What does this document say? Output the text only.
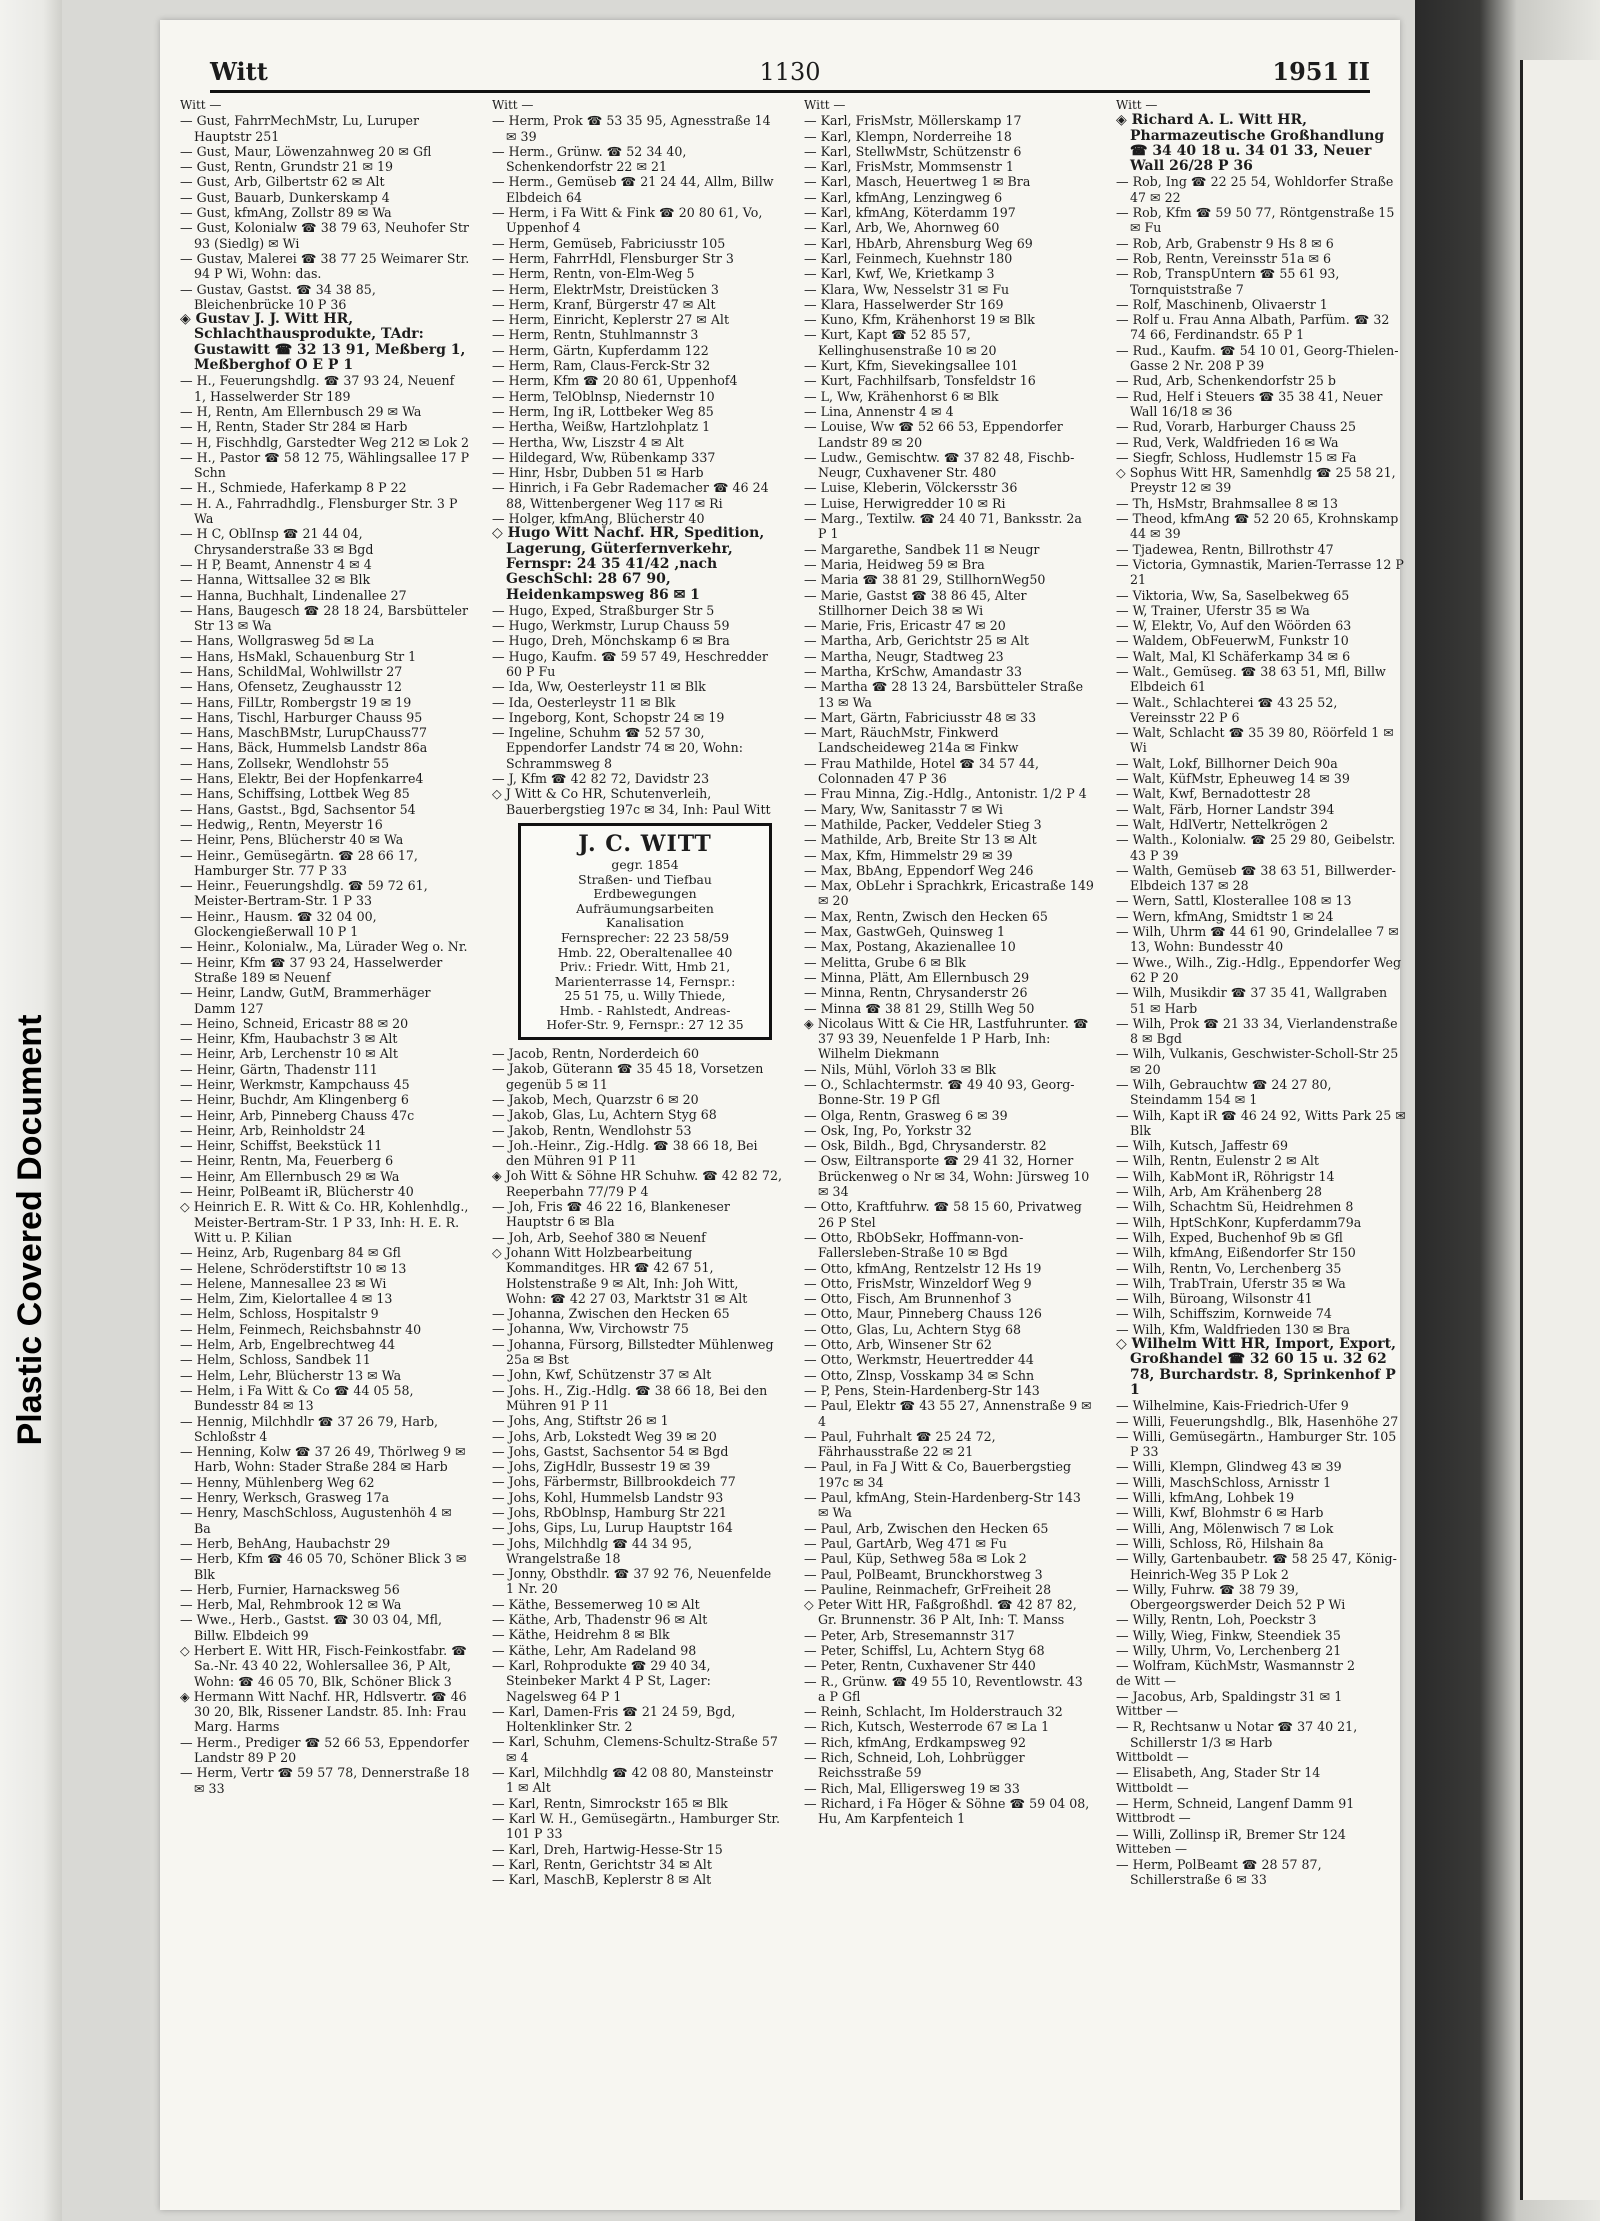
Plastic Covered Document
Witt	1130	1951 II
Witt —
— Gust, FahrrMechMstr, Lu, Luruper Hauptstr 251
— Gust, Maur, Löwenzahnweg 20 ✉ Gfl
— Gust, Rentn, Grundstr 21 ✉ 19
— Gust, Arb, Gilbertstr 62 ✉ Alt
— Gust, Bauarb, Dunkerskamp 4
— Gust, kfmAng, Zollstr 89 ✉ Wa
— Gust, Kolonialw ☎ 38 79 63, Neuhofer Str 93 (Siedlg) ✉ Wi
— Gustav, Malerei ☎ 38 77 25 Weimarer Str. 94 P Wi, Wohn: das.
— Gustav, Gastst. ☎ 34 38 85, Bleichenbrücke 10 P 36
◈ Gustav J. J. Witt HR, Schlachthausprodukte, TAdr: Gustawitt ☎ 32 13 91, Meßberg 1, Meßberghof O E P 1
— H., Feuerungshdlg. ☎ 37 93 24, Neuenf 1, Hasselwerder Str 189
— H, Rentn, Am Ellernbusch 29 ✉ Wa
— H, Rentn, Stader Str 284 ✉ Harb
— H, Fischhdlg, Garstedter Weg 212 ✉ Lok 2
— H., Pastor ☎ 58 12 75, Wählingsallee 17 P Schn
— H., Schmiede, Haferkamp 8 P 22
— H. A., Fahrradhdlg., Flensburger Str. 3 P Wa
— H C, OblInsp ☎ 21 44 04, Chrysanderstraße 33 ✉ Bgd
— H P, Beamt, Annenstr 4 ✉ 4
— Hanna, Wittsallee 32 ✉ Blk
— Hanna, Buchhalt, Lindenallee 27
— Hans, Baugesch ☎ 28 18 24, Barsbütteler Str 13 ✉ Wa
— Hans, Wollgrasweg 5d ✉ La
— Hans, HsMakl, Schauenburg Str 1
— Hans, SchildMal, Wohlwillstr 27
— Hans, Ofensetz, Zeughausstr 12
— Hans, FilLtr, Rombergstr 19 ✉ 19
— Hans, Tischl, Harburger Chauss 95
— Hans, MaschBMstr, LurupChauss77
— Hans, Bäck, Hummelsb Landstr 86a
— Hans, Zollsekr, Wendlohstr 55
— Hans, Elektr, Bei der Hopfenkarre4
— Hans, Schiffsing, Lottbek Weg 85
— Hans, Gastst., Bgd, Sachsentor 54
— Hedwig,, Rentn, Meyerstr 16
— Heinr, Pens, Blücherstr 40 ✉ Wa
— Heinr., Gemüsegärtn. ☎ 28 66 17, Hamburger Str. 77 P 33
— Heinr., Feuerungshdlg. ☎ 59 72 61, Meister-Bertram-Str. 1 P 33
— Heinr., Hausm. ☎ 32 04 00, Glockengießerwall 10 P 1
— Heinr., Kolonialw., Ma, Lürader Weg o. Nr.
— Heinr, Kfm ☎ 37 93 24, Hasselwerder Straße 189 ✉ Neuenf
— Heinr, Landw, GutM, Brammerhäger Damm 127
— Heino, Schneid, Ericastr 88 ✉ 20
— Heinr, Kfm, Haubachstr 3 ✉ Alt
— Heinr, Arb, Lerchenstr 10 ✉ Alt
— Heinr, Gärtn, Thadenstr 111
— Heinr, Werkmstr, Kampchauss 45
— Heinr, Buchdr, Am Klingenberg 6
— Heinr, Arb, Pinneberg Chauss 47c
— Heinr, Arb, Reinholdstr 24
— Heinr, Schiffst, Beekstück 11
— Heinr, Rentn, Ma, Feuerberg 6
— Heinr, Am Ellernbusch 29 ✉ Wa
— Heinr, PolBeamt iR, Blücherstr 40
◇ Heinrich E. R. Witt & Co. HR, Kohlenhdlg., Meister-Bertram-Str. 1 P 33, Inh: H. E. R. Witt u. P. Kilian
— Heinz, Arb, Rugenbarg 84 ✉ Gfl
— Helene, Schröderstiftstr 10 ✉ 13
— Helene, Mannesallee 23 ✉ Wi
— Helm, Zim, Kielortallee 4 ✉ 13
— Helm, Schloss, Hospitalstr 9
— Helm, Feinmech, Reichsbahnstr 40
— Helm, Arb, Engelbrechtweg 44
— Helm, Schloss, Sandbek 11
— Helm, Lehr, Blücherstr 13 ✉ Wa
— Helm, i Fa Witt & Co ☎ 44 05 58, Bundesstr 84 ✉ 13
— Hennig, Milchhdlr ☎ 37 26 79, Harb, Schloßstr 4
— Henning, Kolw ☎ 37 26 49, Thörlweg 9 ✉ Harb, Wohn: Stader Straße 284 ✉ Harb
— Henny, Mühlenberg Weg 62
— Henry, Werksch, Grasweg 17a
— Henry, MaschSchloss, Augustenhöh 4 ✉ Ba
— Herb, BehAng, Haubachstr 29
— Herb, Kfm ☎ 46 05 70, Schöner Blick 3 ✉ Blk
— Herb, Furnier, Harnacksweg 56
— Herb, Mal, Rehmbrook 12 ✉ Wa
— Wwe., Herb., Gastst. ☎ 30 03 04, Mfl, Billw. Elbdeich 99
◇ Herbert E. Witt HR, Fisch-Feinkostfabr. ☎ Sa.-Nr. 43 40 22, Wohlersallee 36, P Alt, Wohn: ☎ 46 05 70, Blk, Schöner Blick 3
◈ Hermann Witt Nachf. HR, Hdlsvertr. ☎ 46 30 20, Blk, Rissener Landstr. 85. Inh: Frau Marg. Harms
— Herm., Prediger ☎ 52 66 53, Eppendorfer Landstr 89 P 20
— Herm, Vertr ☎ 59 57 78, Dennerstraße 18 ✉ 33
Witt —
— Herm, Prok ☎ 53 35 95, Agnesstraße 14 ✉ 39
— Herm., Grünw. ☎ 52 34 40, Schenkendorfstr 22 ✉ 21
— Herm., Gemüseb ☎ 21 24 44, Allm, Billw Elbdeich 64
— Herm, i Fa Witt & Fink ☎ 20 80 61, Vo, Uppenhof 4
— Herm, Gemüseb, Fabriciusstr 105
— Herm, FahrrHdl, Flensburger Str 3
— Herm, Rentn, von-Elm-Weg 5
— Herm, ElektrMstr, Dreistücken 3
— Herm, Kranf, Bürgerstr 47 ✉ Alt
— Herm, Einricht, Keplerstr 27 ✉ Alt
— Herm, Rentn, Stuhlmannstr 3
— Herm, Gärtn, Kupferdamm 122
— Herm, Ram, Claus-Ferck-Str 32
— Herm, Kfm ☎ 20 80 61, Uppenhof4
— Herm, TelOblnsp, Niedernstr 10
— Herm, Ing iR, Lottbeker Weg 85
— Hertha, Weißw, Hartzlohplatz 1
— Hertha, Ww, Liszstr 4 ✉ Alt
— Hildegard, Ww, Rübenkamp 337
— Hinr, Hsbr, Dubben 51 ✉ Harb
— Hinrich, i Fa Gebr Rademacher ☎ 46 24 88, Wittenbergener Weg 117 ✉ Ri
— Holger, kfmAng, Blücherstr 40
◇ Hugo Witt Nachf. HR, Spedition, Lagerung, Güterfernverkehr, Fernspr: 24 35 41/42 ,nach GeschSchl: 28 67 90, Heidenkampsweg 86 ✉ 1
— Hugo, Exped, Straßburger Str 5
— Hugo, Werkmstr, Lurup Chauss 59
— Hugo, Dreh, Mönchskamp 6 ✉ Bra
— Hugo, Kaufm. ☎ 59 57 49, Heschredder 60 P Fu
— Ida, Ww, Oesterleystr 11 ✉ Blk
— Ida, Oesterleystr 11 ✉ Blk
— Ingeborg, Kont, Schopstr 24 ✉ 19
— Ingeline, Schuhm ☎ 52 57 30, Eppendorfer Landstr 74 ✉ 20, Wohn: Schrammsweg 8
— J, Kfm ☎ 42 82 72, Davidstr 23
◇ J Witt & Co HR, Schutenverleih, Bauerbergstieg 197c ✉ 34, Inh: Paul Witt
J. C. WITT
gegr. 1854
Straßen- und Tiefbau
Erdbewegungen
Aufräumungsarbeiten
Kanalisation
Fernsprecher: 22 23 58/59
Hmb. 22, Oberaltenallee 40
Priv.: Friedr. Witt, Hmb 21,
Marienterrasse 14, Fernspr.:
25 51 75, u. Willy Thiede,
Hmb. - Rahlstedt, Andreas-
Hofer-Str. 9, Fernspr.: 27 12 35
— Jacob, Rentn, Norderdeich 60
— Jakob, Güterann ☎ 35 45 18, Vorsetzen gegenüb 5 ✉ 11
— Jakob, Mech, Quarzstr 6 ✉ 20
— Jakob, Glas, Lu, Achtern Styg 68
— Jakob, Rentn, Wendlohstr 53
— Joh.-Heinr., Zig.-Hdlg. ☎ 38 66 18, Bei den Mühren 91 P 11
◈ Joh Witt & Söhne HR Schuhw. ☎ 42 82 72, Reeperbahn 77/79 P 4
— Joh, Fris ☎ 46 22 16, Blankeneser Hauptstr 6 ✉ Bla
— Joh, Arb, Seehof 380 ✉ Neuenf
◇ Johann Witt Holzbearbeitung Kommanditges. HR ☎ 42 67 51, Holstenstraße 9 ✉ Alt, Inh: Joh Witt, Wohn: ☎ 42 27 03, Marktstr 31 ✉ Alt
— Johanna, Zwischen den Hecken 65
— Johanna, Ww, Virchowstr 75
— Johanna, Fürsorg, Billstedter Mühlenweg 25a ✉ Bst
— John, Kwf, Schützenstr 37 ✉ Alt
— Johs. H., Zig.-Hdlg. ☎ 38 66 18, Bei den Mühren 91 P 11
— Johs, Ang, Stiftstr 26 ✉ 1
— Johs, Arb, Lokstedt Weg 39 ✉ 20
— Johs, Gastst, Sachsentor 54 ✉ Bgd
— Johs, ZigHdlr, Bussestr 19 ✉ 39
— Johs, Färbermstr, Billbrookdeich 77
— Johs, Kohl, Hummelsb Landstr 93
— Johs, RbOblnsp, Hamburg Str 221
— Johs, Gips, Lu, Lurup Hauptstr 164
— Johs, Milchhdlg ☎ 44 34 95, Wrangelstraße 18
— Jonny, Obsthdlr. ☎ 37 92 76, Neuenfelde 1 Nr. 20
— Käthe, Bessemerweg 10 ✉ Alt
— Käthe, Arb, Thadenstr 96 ✉ Alt
— Käthe, Heidrehm 8 ✉ Blk
— Käthe, Lehr, Am Radeland 98
— Karl, Rohprodukte ☎ 29 40 34, Steinbeker Markt 4 P St, Lager: Nagelsweg 64 P 1
— Karl, Damen-Fris ☎ 21 24 59, Bgd, Holtenklinker Str. 2
— Karl, Schuhm, Clemens-Schultz-Straße 57 ✉ 4
— Karl, Milchhdlg ☎ 42 08 80, Mansteinstr 1 ✉ Alt
— Karl, Rentn, Simrockstr 165 ✉ Blk
— Karl W. H., Gemüsegärtn., Hamburger Str. 101 P 33
— Karl, Dreh, Hartwig-Hesse-Str 15
— Karl, Rentn, Gerichtstr 34 ✉ Alt
— Karl, MaschB, Keplerstr 8 ✉ Alt
Witt —
— Karl, FrisMstr, Möllerskamp 17
— Karl, Klempn, Norderreihe 18
— Karl, StellwMstr, Schützenstr 6
— Karl, FrisMstr, Mommsenstr 1
— Karl, Masch, Heuertweg 1 ✉ Bra
— Karl, kfmAng, Lenzingweg 6
— Karl, kfmAng, Köterdamm 197
— Karl, Arb, We, Ahornweg 60
— Karl, HbArb, Ahrensburg Weg 69
— Karl, Feinmech, Kuehnstr 180
— Karl, Kwf, We, Krietkamp 3
— Klara, Ww, Nesselstr 31 ✉ Fu
— Klara, Hasselwerder Str 169
— Kuno, Kfm, Krähenhorst 19 ✉ Blk
— Kurt, Kapt ☎ 52 85 57, Kellinghusenstraße 10 ✉ 20
— Kurt, Kfm, Sievekingsallee 101
— Kurt, Fachhilfsarb, Tonsfeldstr 16
— L, Ww, Krähenhorst 6 ✉ Blk
— Lina, Annenstr 4 ✉ 4
— Louise, Ww ☎ 52 66 53, Eppendorfer Landstr 89 ✉ 20
— Ludw., Gemischtw. ☎ 37 82 48, Fischb-Neugr, Cuxhavener Str. 480
— Luise, Kleberin, Völckersstr 36
— Luise, Herwigredder 10 ✉ Ri
— Marg., Textilw. ☎ 24 40 71, Banksstr. 2a P 1
— Margarethe, Sandbek 11 ✉ Neugr
— Maria, Heidweg 59 ✉ Bra
— Maria ☎ 38 81 29, StillhornWeg50
— Marie, Gastst ☎ 38 86 45, Alter Stillhorner Deich 38 ✉ Wi
— Marie, Fris, Ericastr 47 ✉ 20
— Martha, Arb, Gerichtstr 25 ✉ Alt
— Martha, Neugr, Stadtweg 23
— Martha, KrSchw, Amandastr 33
— Martha ☎ 28 13 24, Barsbütteler Straße 13 ✉ Wa
— Mart, Gärtn, Fabriciusstr 48 ✉ 33
— Mart, RäuchMstr, Finkwerd Landscheideweg 214a ✉ Finkw
— Frau Mathilde, Hotel ☎ 34 57 44, Colonnaden 47 P 36
— Frau Minna, Zig.-Hdlg., Antonistr. 1/2 P 4
— Mary, Ww, Sanitasstr 7 ✉ Wi
— Mathilde, Packer, Veddeler Stieg 3
— Mathilde, Arb, Breite Str 13 ✉ Alt
— Max, Kfm, Himmelstr 29 ✉ 39
— Max, BbAng, Eppendorf Weg 246
— Max, ObLehr i Sprachkrk, Ericastraße 149 ✉ 20
— Max, Rentn, Zwisch den Hecken 65
— Max, GastwGeh, Quinsweg 1
— Max, Postang, Akazienallee 10
— Melitta, Grube 6 ✉ Blk
— Minna, Plätt, Am Ellernbusch 29
— Minna, Rentn, Chrysanderstr 26
— Minna ☎ 38 81 29, Stillh Weg 50
◈ Nicolaus Witt & Cie HR, Lastfuhrunter. ☎ 37 93 39, Neuenfelde 1 P Harb, Inh: Wilhelm Diekmann
— Nils, Mühl, Vörloh 33 ✉ Blk
— O., Schlachtermstr. ☎ 49 40 93, Georg-Bonne-Str. 19 P Gfl
— Olga, Rentn, Grasweg 6 ✉ 39
— Osk, Ing, Po, Yorkstr 32
— Osk, Bildh., Bgd, Chrysanderstr. 82
— Osw, Eiltransporte ☎ 29 41 32, Horner Brückenweg o Nr ✉ 34, Wohn: Jürsweg 10 ✉ 34
— Otto, Kraftfuhrw. ☎ 58 15 60, Privatweg 26 P Stel
— Otto, RbObSekr, Hoffmann-von-Fallersleben-Straße 10 ✉ Bgd
— Otto, kfmAng, Rentzelstr 12 Hs 19
— Otto, FrisMstr, Winzeldorf Weg 9
— Otto, Fisch, Am Brunnenhof 3
— Otto, Maur, Pinneberg Chauss 126
— Otto, Glas, Lu, Achtern Styg 68
— Otto, Arb, Winsener Str 62
— Otto, Werkmstr, Heuertredder 44
— Otto, Zlnsp, Vosskamp 34 ✉ Schn
— P, Pens, Stein-Hardenberg-Str 143
— Paul, Elektr ☎ 43 55 27, Annenstraße 9 ✉ 4
— Paul, Fuhrhalt ☎ 25 24 72, Fährhausstraße 22 ✉ 21
— Paul, in Fa J Witt & Co, Bauerbergstieg 197c ✉ 34
— Paul, kfmAng, Stein-Hardenberg-Str 143 ✉ Wa
— Paul, Arb, Zwischen den Hecken 65
— Paul, GartArb, Weg 471 ✉ Fu
— Paul, Küp, Sethweg 58a ✉ Lok 2
— Paul, PolBeamt, Brunckhorstweg 3
— Pauline, Reinmachefr, GrFreiheit 28
◇ Peter Witt HR, Faßgroßhdl. ☎ 42 87 82, Gr. Brunnenstr. 36 P Alt, Inh: T. Manss
— Peter, Arb, Stresemannstr 317
— Peter, Schiffsl, Lu, Achtern Styg 68
— Peter, Rentn, Cuxhavener Str 440
— R., Grünw. ☎ 49 55 10, Reventlowstr. 43 a P Gfl
— Reinh, Schlacht, Im Holderstrauch 32
— Rich, Kutsch, Westerrode 67 ✉ La 1
— Rich, kfmAng, Erdkampsweg 92
— Rich, Schneid, Loh, Lohbrügger Reichsstraße 59
— Rich, Mal, Elligersweg 19 ✉ 33
— Richard, i Fa Höger & Söhne ☎ 59 04 08, Hu, Am Karpfenteich 1
Witt —
◈ Richard A. L. Witt HR, Pharmazeutische Großhandlung ☎ 34 40 18 u. 34 01 33, Neuer Wall 26/28 P 36
— Rob, Ing ☎ 22 25 54, Wohldorfer Straße 47 ✉ 22
— Rob, Kfm ☎ 59 50 77, Röntgenstraße 15 ✉ Fu
— Rob, Arb, Grabenstr 9 Hs 8 ✉ 6
— Rob, Rentn, Vereinsstr 51a ✉ 6
— Rob, TranspUntern ☎ 55 61 93, Tornquiststraße 7
— Rolf, Maschinenb, Olivaerstr 1
— Rolf u. Frau Anna Albath, Parfüm. ☎ 32 74 66, Ferdinandstr. 65 P 1
— Rud., Kaufm. ☎ 54 10 01, Georg-Thielen-Gasse 2 Nr. 208 P 39
— Rud, Arb, Schenkendorfstr 25 b
— Rud, Helf i Steuers ☎ 35 38 41, Neuer Wall 16/18 ✉ 36
— Rud, Vorarb, Harburger Chauss 25
— Rud, Verk, Waldfrieden 16 ✉ Wa
— Siegfr, Schloss, Hudlemstr 15 ✉ Fa
◇ Sophus Witt HR, Samenhdlg ☎ 25 58 21, Preystr 12 ✉ 39
— Th, HsMstr, Brahmsallee 8 ✉ 13
— Theod, kfmAng ☎ 52 20 65, Krohnskamp 44 ✉ 39
— Tjadewea, Rentn, Billrothstr 47
— Victoria, Gymnastik, Marien-Terrasse 12 P 21
— Viktoria, Ww, Sa, Saselbekweg 65
— W, Trainer, Uferstr 35 ✉ Wa
— W, Elektr, Vo, Auf den Wöörden 63
— Waldem, ObFeuerwM, Funkstr 10
— Walt, Mal, Kl Schäferkamp 34 ✉ 6
— Walt., Gemüseg. ☎ 38 63 51, Mfl, Billw Elbdeich 61
— Walt., Schlachterei ☎ 43 25 52, Vereinsstr 22 P 6
— Walt, Schlacht ☎ 35 39 80, Röörfeld 1 ✉ Wi
— Walt, Lokf, Billhorner Deich 90a
— Walt, KüfMstr, Epheuweg 14 ✉ 39
— Walt, Kwf, Bernadottestr 28
— Walt, Färb, Horner Landstr 394
— Walt, HdlVertr, Nettelkrögen 2
— Walth., Kolonialw. ☎ 25 29 80, Geibelstr. 43 P 39
— Walth, Gemüseb ☎ 38 63 51, Billwerder-Elbdeich 137 ✉ 28
— Wern, Sattl, Klosterallee 108 ✉ 13
— Wern, kfmAng, Smidtstr 1 ✉ 24
— Wilh, Uhrm ☎ 44 61 90, Grindelallee 7 ✉ 13, Wohn: Bundesstr 40
— Wwe., Wilh., Zig.-Hdlg., Eppendorfer Weg 62 P 20
— Wilh, Musikdir ☎ 37 35 41, Wallgraben 51 ✉ Harb
— Wilh, Prok ☎ 21 33 34, Vierlandenstraße 8 ✉ Bgd
— Wilh, Vulkanis, Geschwister-Scholl-Str 25 ✉ 20
— Wilh, Gebrauchtw ☎ 24 27 80, Steindamm 154 ✉ 1
— Wilh, Kapt iR ☎ 46 24 92, Witts Park 25 ✉ Blk
— Wilh, Kutsch, Jaffestr 69
— Wilh, Rentn, Eulenstr 2 ✉ Alt
— Wilh, KabMont iR, Röhrigstr 14
— Wilh, Arb, Am Krähenberg 28
— Wilh, Schachtm Sü, Heidrehmen 8
— Wilh, HptSchKonr, Kupferdamm79a
— Wilh, Exped, Buchenhof 9b ✉ Gfl
— Wilh, kfmAng, Eißendorfer Str 150
— Wilh, Rentn, Vo, Lerchenberg 35
— Wilh, TrabTrain, Uferstr 35 ✉ Wa
— Wilh, Büroang, Wilsonstr 41
— Wilh, Schiffszim, Kornweide 74
— Wilh, Kfm, Waldfrieden 130 ✉ Bra
◇ Wilhelm Witt HR, Import, Export, Großhandel ☎ 32 60 15 u. 32 62 78, Burchardstr. 8, Sprinkenhof P 1
— Wilhelmine, Kais-Friedrich-Ufer 9
— Willi, Feuerungshdlg., Blk, Hasenhöhe 27
— Willi, Gemüsegärtn., Hamburger Str. 105 P 33
— Willi, Klempn, Glindweg 43 ✉ 39
— Willi, MaschSchloss, Arnisstr 1
— Willi, kfmAng, Lohbek 19
— Willi, Kwf, Blohmstr 6 ✉ Harb
— Willi, Ang, Mölenwisch 7 ✉ Lok
— Willi, Schloss, Rö, Hilshain 8a
— Willy, Gartenbaubetr. ☎ 58 25 47, König-Heinrich-Weg 35 P Lok 2
— Willy, Fuhrw. ☎ 38 79 39, Obergeorgswerder Deich 52 P Wi
— Willy, Rentn, Loh, Poeckstr 3
— Willy, Wieg, Finkw, Steendiek 35
— Willy, Uhrm, Vo, Lerchenberg 21
— Wolfram, KüchMstr, Wasmannstr 2
de Witt —
— Jacobus, Arb, Spaldingstr 31 ✉ 1
Wittber —
— R, Rechtsanw u Notar ☎ 37 40 21, Schillerstr 1/3 ✉ Harb
Wittboldt —
— Elisabeth, Ang, Stader Str 14
Wittboldt —
— Herm, Schneid, Langenf Damm 91
Wittbrodt —
— Willi, Zollinsp iR, Bremer Str 124
Witteben —
— Herm, PolBeamt ☎ 28 57 87, Schillerstraße 6 ✉ 33
